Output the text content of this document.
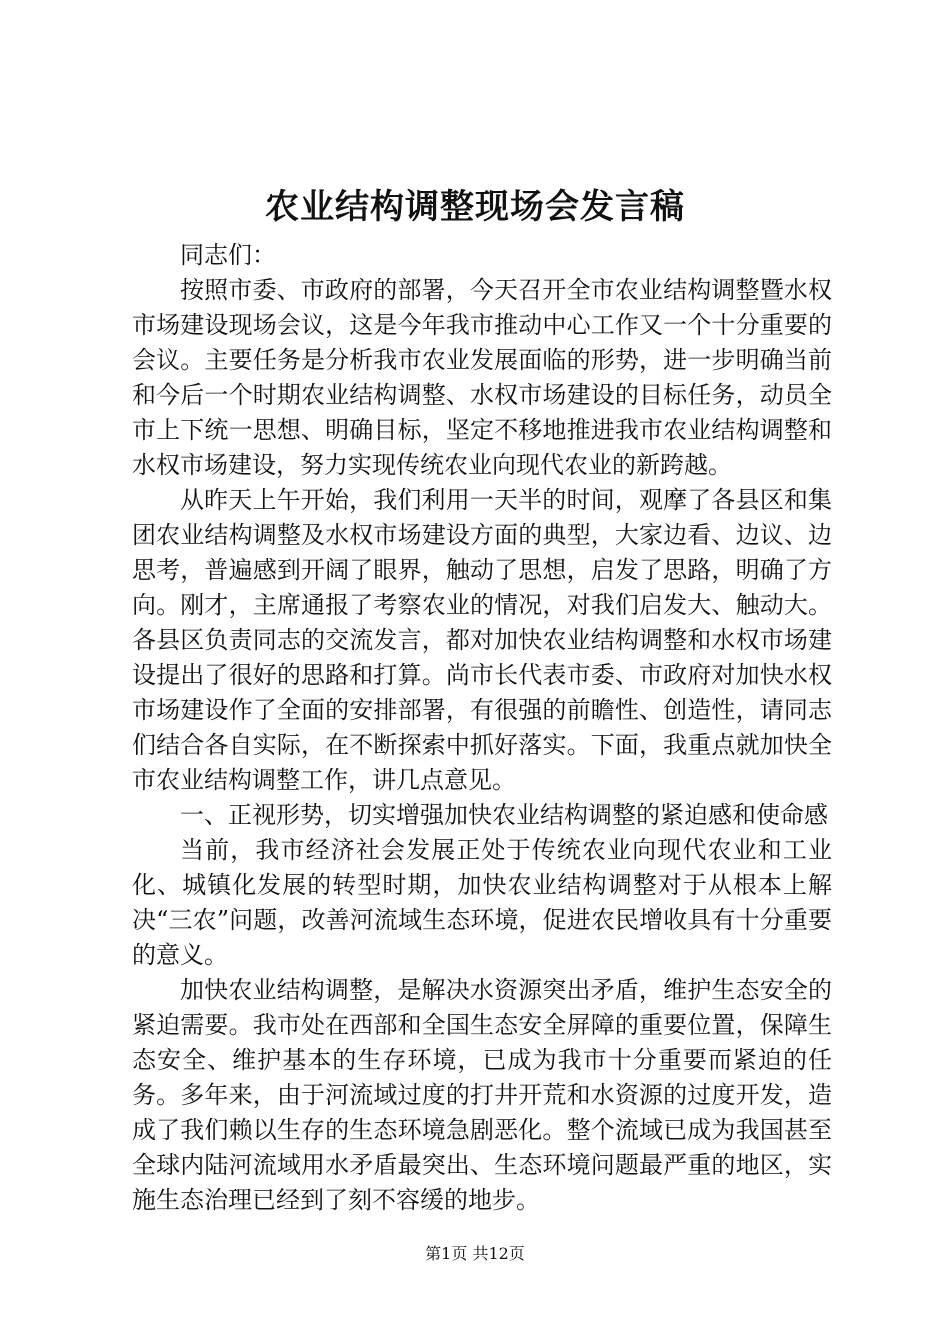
农业结构调整现场会发言稿

同志们：

按照市委、市政府的部署，今天召开全市农业结构调整暨水权市场建设现场会议，这是今年我市推动中心工作又一个十分重要的会议。主要任务是分析我市农业发展面临的形势，进一步明确当前和今后一个时期农业结构调整、水权市场建设的目标任务，动员全市上下统一思想、明确目标，坚定不移地推进我市农业结构调整和水权市场建设，努力实现传统农业向现代农业的新跨越。

从昨天上午开始，我们利用一天半的时间，观摩了各县区和集团农业结构调整及水权市场建设方面的典型，大家边看、边议、边思考，普遍感到开阔了眼界，触动了思想，启发了思路，明确了方向。刚才，主席通报了考察农业的情况，对我们启发大、触动大。各县区负责同志的交流发言，都对加快农业结构调整和水权市场建设提出了很好的思路和打算。尚市长代表市委、市政府对加快水权市场建设作了全面的安排部署，有很强的前瞻性、创造性，请同志们结合各自实际，在不断探索中抓好落实。下面，我重点就加快全市农业结构调整工作，讲几点意见。

一、正视形势，切实增强加快农业结构调整的紧迫感和使命感

当前，我市经济社会发展正处于传统农业向现代农业和工业化、城镇化发展的转型时期，加快农业结构调整对于从根本上解决“三农”问题，改善河流域生态环境，促进农民增收具有十分重要的意义。

加快农业结构调整，是解决水资源突出矛盾，维护生态安全的紧迫需要。我市处在西部和全国生态安全屏障的重要位置，保障生态安全、维护基本的生存环境，已成为我市十分重要而紧迫的任务。多年来，由于河流域过度的打井开荒和水资源的过度开发，造成了我们赖以生存的生态环境急剧恶化。整个流域已成为我国甚至全球内陆河流域用水矛盾最突出、生态环境问题最严重的地区，实施生态治理已经到了刻不容缓的地步。

第1页 共12页
